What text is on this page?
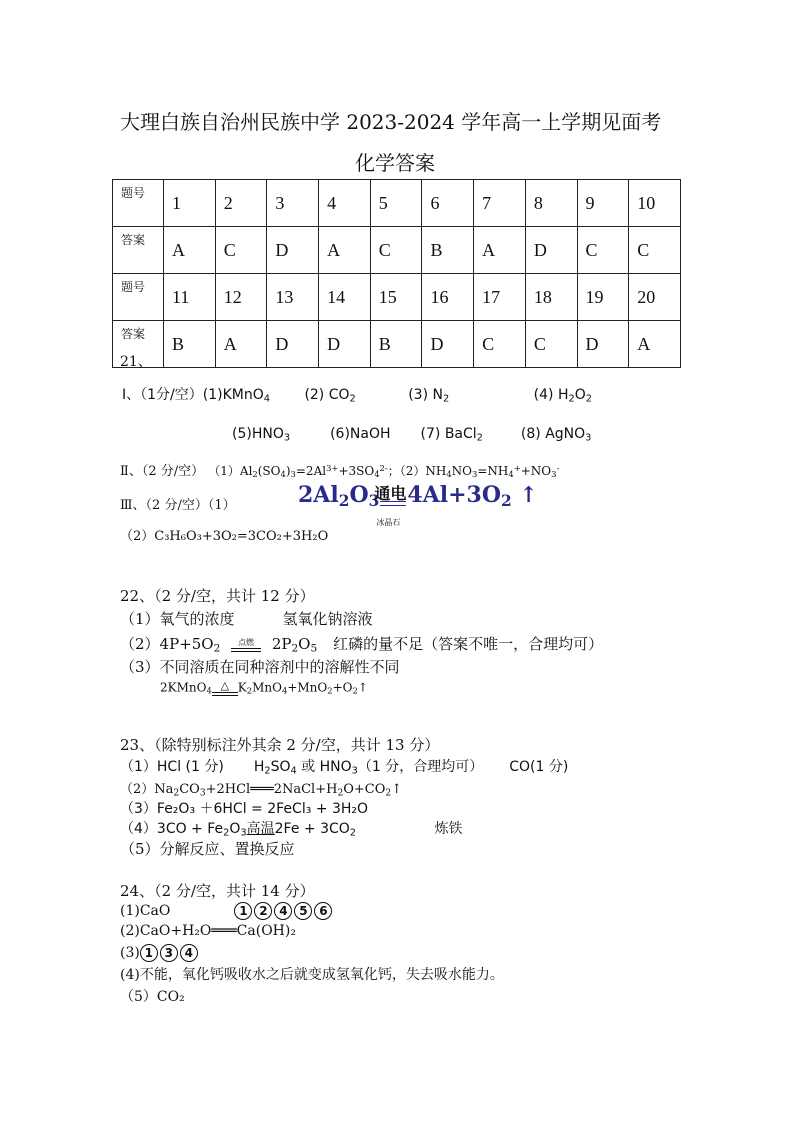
大理白族自治州民族中学 2023-2024 学年高一上学期见面考
化学答案
题号	1	2	3	4	5	6	7	8	9	10
答案	A	C	D	A	C	B	A	D	C	C
题号	11	12	13	14	15	16	17	18	19	20
答案	B	A	D	D	B	D	C	C	D	A
21、
Ⅰ、（1分/空）(1)KMnO$_4$ (2) $CO_2$	(3) $N_2$	(4) $H_2O_2$
$(5)HNO_3$	(6)NaOH (7) BaCl$_2$	(8) AgNO$_3$
Ⅱ、（2 分/空） $(1)Al_2(SO_4)_3=2Al^{3+}+3SO_4^{2-}$；$(2)NH_4NO_3=NH_4^++NO_3^-$
Ⅲ、（2 分/空）（1）	$2Al_2O_3$
通电
冰晶石
$4Al+3O_2$ ↑
（2）C₃H₆O₃+3O₂=3CO₂+3H₂O
22、（2 分/空，共计 12 分）
（1）氧气的浓度	氢氧化钠溶液
$(2)4P+5O_2$
点燃 $2P_2O_5$ 红磷的量不足（答案不唯一，合理均可）
（3）不同溶质在同种溶剂中的溶解性不同
2KMnO$_4$ △ $K_2MnO_4+MnO_2+O_2↑$
23、（除特别标注外其余 2 分/空，共计 13 分）
（1）HCl (1 分) $H_2SO_4$ 或 $HNO_3(1$ 分，合理均可） CO(1 分)
$(2)Na_2CO_3+2HCl═══2NaCl+H_2O+CO_2↑$
（3）Fe₂O₃ ＋6HCl = 2FeCl₃ + 3H₂O
$(4)3CO + Fe_2O_3$高温$2Fe + 3CO_2$	炼铁
（5）分解反应、置换反应
24、（2 分/空，共计 14 分）
(1)CaO	1 2 4 5 6
(2)CaO+H₂O═══Ca(OH)₂
(3) 1 3 4
(4)不能，氧化钙吸收水之后就变成氢氧化钙，失去吸水能力。
（5）CO₂
